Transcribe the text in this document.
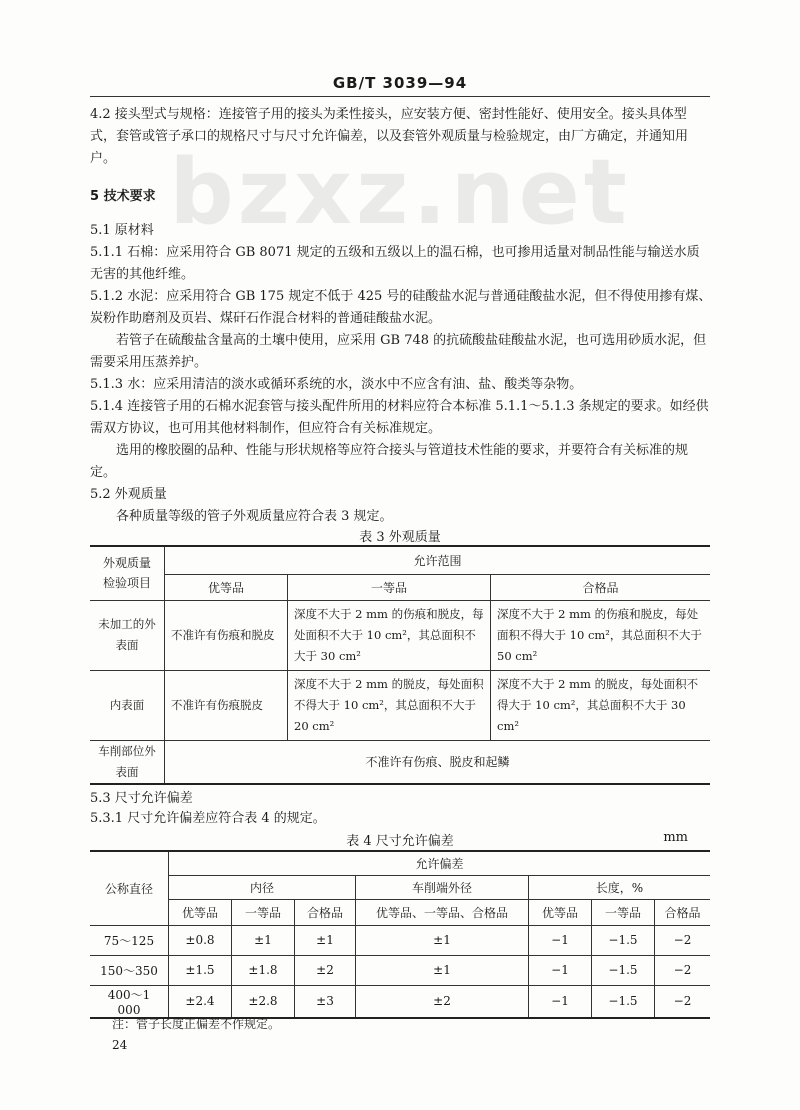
GB/T 3039—94
bzxz.net
4.2 接头型式与规格：连接管子用的接头为柔性接头，应安装方便、密封性能好、使用安全。接头具体型式，套管或管子承口的规格尺寸与尺寸允许偏差，以及套管外观质量与检验规定，由厂方确定，并通知用户。
5 技术要求
5.1 原材料
5.1.1 石棉：应采用符合 GB 8071 规定的五级和五级以上的温石棉，也可掺用适量对制品性能与输送水质无害的其他纤维。
5.1.2 水泥：应采用符合 GB 175 规定不低于 425 号的硅酸盐水泥与普通硅酸盐水泥，但不得使用掺有煤、炭粉作助磨剂及页岩、煤矸石作混合材料的普通硅酸盐水泥。
若管子在硫酸盐含量高的土壤中使用，应采用 GB 748 的抗硫酸盐硅酸盐水泥，也可选用砂质水泥，但需要采用压蒸养护。
5.1.3 水：应采用清洁的淡水或循环系统的水，淡水中不应含有油、盐、酸类等杂物。
5.1.4 连接管子用的石棉水泥套管与接头配件所用的材料应符合本标准 5.1.1～5.1.3 条规定的要求。如经供需双方协议，也可用其他材料制作，但应符合有关标准规定。
选用的橡胶圈的品种、性能与形状规格等应符合接头与管道技术性能的要求，并要符合有关标准的规定。
5.2 外观质量
各种质量等级的管子外观质量应符合表 3 规定。
表 3 外观质量
外观质量
检验项目	允许范围		
	优等品	一等品	合格品
未加工的外表面	不准许有伤痕和脱皮	深度不大于 2 mm 的伤痕和脱皮，每处面积不大于 10 cm²，其总面积不大于 30 cm²	深度不大于 2 mm 的伤痕和脱皮，每处面积不得大于 10 cm²，其总面积不大于 50 cm²
内表面	不准许有伤痕脱皮	深度不大于 2 mm 的脱皮，每处面积不得大于 10 cm²，其总面积不大于 20 cm²	深度不大于 2 mm 的脱皮，每处面积不得大于 10 cm²，其总面积不大于 30 cm²
车削部位外表面	不准许有伤痕、脱皮和起鳞		
5.3 尺寸允许偏差
5.3.1 尺寸允许偏差应符合表 4 的规定。
表 4 尺寸允许偏差	mm
公称直径	允许偏差						
	内径			车削端外径	长度，%		
	优等品	一等品	合格品	优等品、一等品、合格品	优等品	一等品	合格品
75～125	±0.8	±1	±1	±1	−1	−1.5	−2
150～350	±1.5	±1.8	±2	±1	−1	−1.5	−2
400～1 000	±2.4	±2.8	±3	±2	−1	−1.5	−2
注：管子长度正偏差不作规定。
24
